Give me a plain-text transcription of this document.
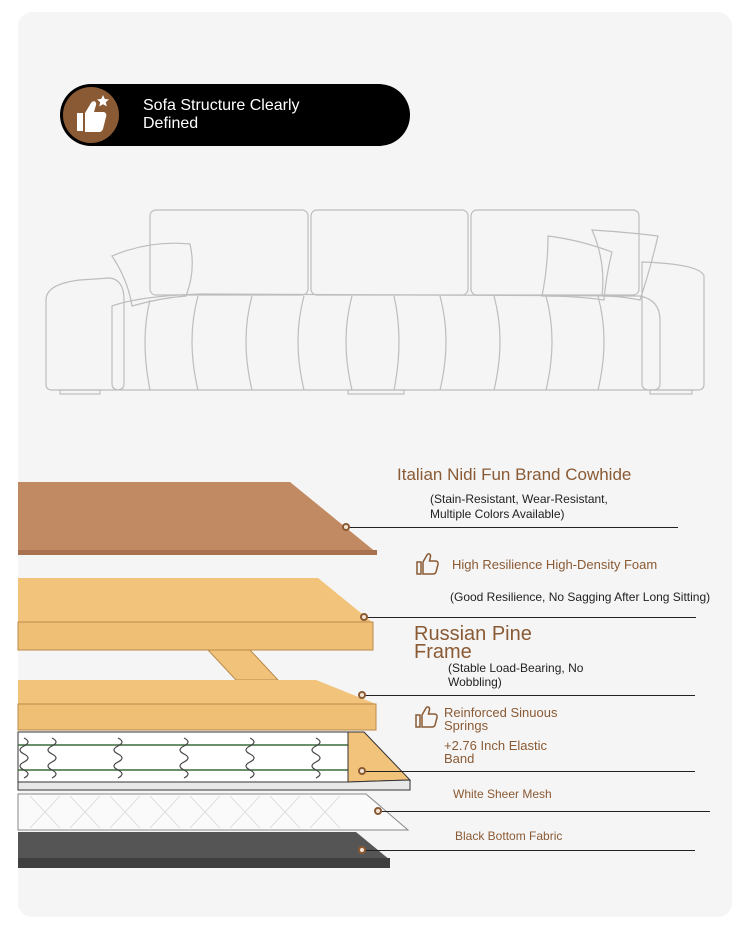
Sofa Structure Clearly
Defined
Italian Nidi Fun Brand Cowhide
(Stain-Resistant, Wear-Resistant,
Multiple Colors Available)
High Resilience High-Density Foam
(Good Resilience, No Sagging After Long Sitting)
Russian Pine
Frame
(Stable Load-Bearing, No
Wobbling)
Reinforced Sinuous
Springs
+2.76 Inch Elastic
Band
White Sheer Mesh
Black Bottom Fabric
